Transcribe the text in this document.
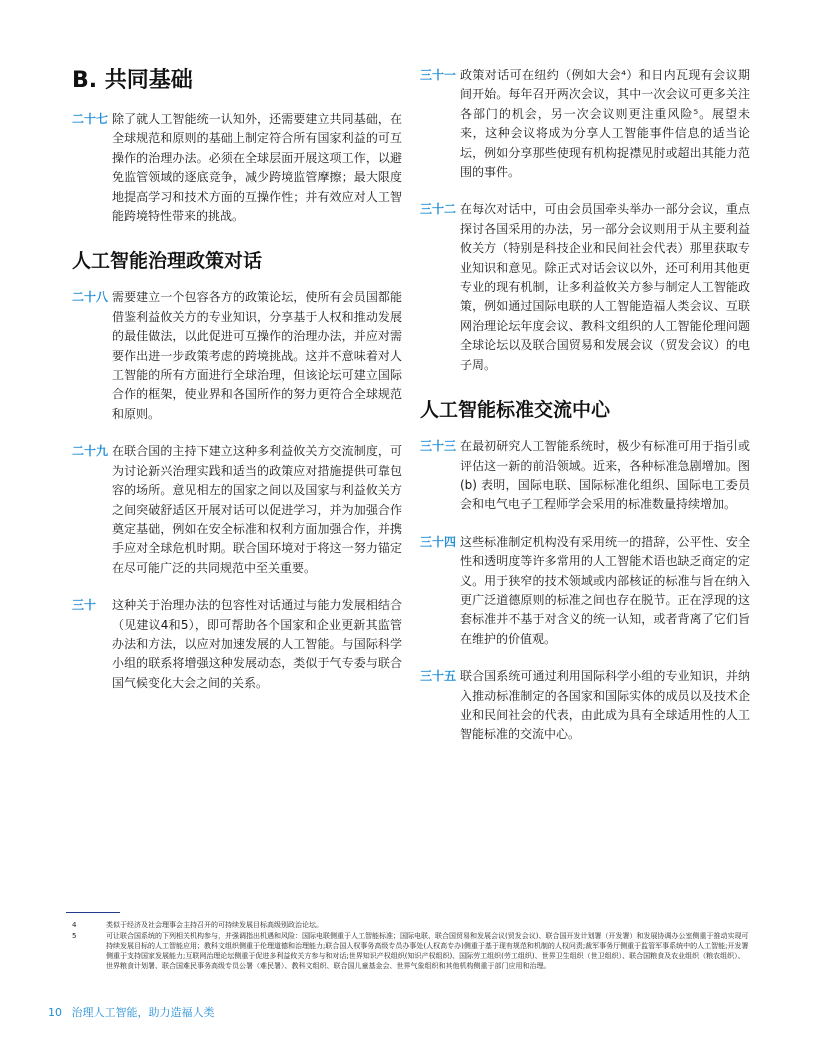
B. 共同基础
二十七 除了就人工智能统一认知外，还需要建立共同基础，在全球规范和原则的基础上制定符合所有国家利益的可互操作的治理办法。必须在全球层面开展这项工作，以避免监管领域的逐底竞争，减少跨境监管摩擦；最大限度地提高学习和技术方面的互操作性；并有效应对人工智能跨境特性带来的挑战。
人工智能治理政策对话
二十八 需要建立一个包容各方的政策论坛，使所有会员国都能借鉴利益攸关方的专业知识，分享基于人权和推动发展的最佳做法，以此促进可互操作的治理办法，并应对需要作出进一步政策考虑的跨境挑战。这并不意味着对人工智能的所有方面进行全球治理，但该论坛可建立国际合作的框架，使业界和各国所作的努力更符合全球规范和原则。
二十九 在联合国的主持下建立这种多利益攸关方交流制度，可为讨论新兴治理实践和适当的政策应对措施提供可靠包容的场所。意见相左的国家之间以及国家与利益攸关方之间突破舒适区开展对话可以促进学习，并为加强合作奠定基础，例如在安全标准和权利方面加强合作，并携手应对全球危机时期。联合国环境对于将这一努力锚定在尽可能广泛的共同规范中至关重要。
三十 这种关于治理办法的包容性对话通过与能力发展相结合（见建议4和5），即可帮助各个国家和企业更新其监管办法和方法，以应对加速发展的人工智能。与国际科学小组的联系将增强这种发展动态，类似于气专委与联合国气候变化大会之间的关系。
三十一 政策对话可在纽约（例如大会⁴）和日内瓦现有会议期间开始。每年召开两次会议，其中一次会议可更多关注各部门的机会，另一次会议则更注重风险⁵。展望未来，这种会议将成为分享人工智能事件信息的适当论坛，例如分享那些使现有机构捉襟见肘或超出其能力范围的事件。
三十二 在每次对话中，可由会员国牵头举办一部分会议，重点探讨各国采用的办法，另一部分会议则用于从主要利益攸关方（特别是科技企业和民间社会代表）那里获取专业知识和意见。除正式对话会议以外，还可利用其他更专业的现有机制，让多利益攸关方参与制定人工智能政策，例如通过国际电联的人工智能造福人类会议、互联网治理论坛年度会议、教科文组织的人工智能伦理问题全球论坛以及联合国贸易和发展会议（贸发会议）的电子周。
人工智能标准交流中心
三十三 在最初研究人工智能系统时，极少有标准可用于指引或评估这一新的前沿领域。近来，各种标准急剧增加。图(b) 表明，国际电联、国际标准化组织、国际电工委员会和电气电子工程师学会采用的标准数量持续增加。
三十四 这些标准制定机构没有采用统一的措辞，公平性、安全性和透明度等许多常用的人工智能术语也缺乏商定的定义。用于狭窄的技术领域或内部核证的标准与旨在纳入更广泛道德原则的标准之间也存在脱节。正在浮现的这套标准并不基于对含义的统一认知，或者背离了它们旨在维护的价值观。
三十五 联合国系统可通过利用国际科学小组的专业知识，并纳入推动标准制定的各国家和国际实体的成员以及技术企业和民间社会的代表，由此成为具有全球适用性的人工智能标准的交流中心。
4	类似于经济及社会理事会主持召开的可持续发展目标高级别政治论坛。
5	可让联合国系统的下列相关机构参与，并强调指出机遇和风险：国际电联侧重于人工智能标准；国际电联、联合国贸易和发展会议(贸发会议)、联合国开发计划署（开发署）和发展协调办公室侧重于推动实现可持续发展目标的人工智能应用；教科文组织侧重于伦理道德和治理能力;联合国人权事务高级专员办事处(人权高专办)侧重于基于现有规范和机制的人权问责;裁军事务厅侧重于监管军事系统中的人工智能;开发署侧重于支持国家发展能力;互联网治理论坛侧重于促进多利益攸关方参与和对话;世界知识产权组织(知识产权组织)、国际劳工组织(劳工组织)、世界卫生组织（世卫组织）、联合国粮食及农业组织（粮农组织）、世界粮食计划署、联合国难民事务高级专员公署（难民署）、教科文组织、联合国儿童基金会、世界气象组织和其他机构侧重于部门应用和治理。
10 治理人工智能，助力造福人类
